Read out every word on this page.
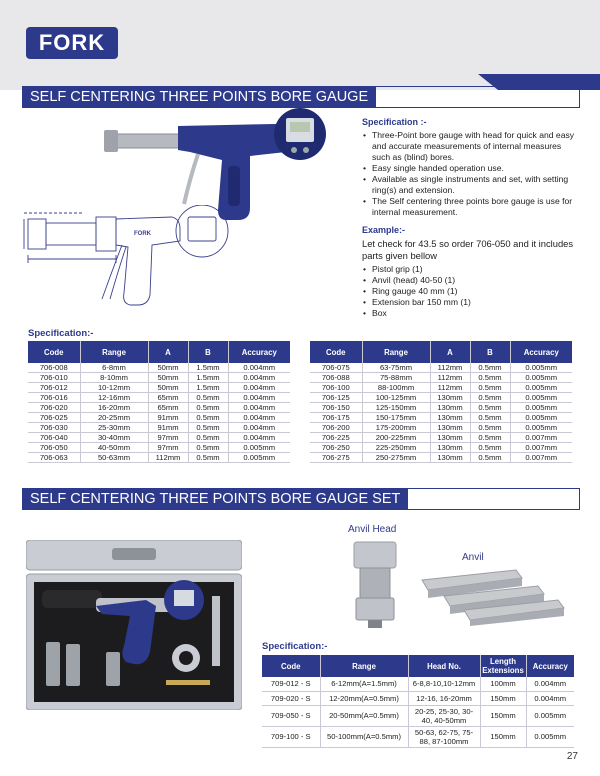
FORK
SELF CENTERING THREE POINTS BORE GAUGE
FORK
Specification :-
• Three-Point bore gauge with head for quick and easy and accurate measurements of internal measures such as (blind) bores.
• Easy single handed operation use.
• Available as single instruments and set, with setting ring(s) and extension.
• The Self centering three points bore gauge is use for internal measurement.
Example:-
Let check for 43.5 so order 706-050 and it includes parts given bellow
• Pistol grip (1)
• Anvil (head) 40-50 (1)
• Ring gauge 40 mm (1)
• Extension bar 150 mm (1)
• Box
Specification:-
Code	Range	A	B	Accuracy
706-008	6-8mm	50mm	1.5mm	0.004mm
706-010	8-10mm	50mm	1.5mm	0.004mm
706-012	10-12mm	50mm	1.5mm	0.004mm
706-016	12-16mm	65mm	0.5mm	0.004mm
706-020	16-20mm	65mm	0.5mm	0.004mm
706-025	20-25mm	91mm	0.5mm	0.004mm
706-030	25-30mm	91mm	0.5mm	0.004mm
706-040	30-40mm	97mm	0.5mm	0.004mm
706-050	40-50mm	97mm	0.5mm	0.005mm
706-063	50-63mm	112mm	0.5mm	0.005mm
Code	Range	A	B	Accuracy
706-075	63-75mm	112mm	0.5mm	0.005mm
706-088	75-88mm	112mm	0.5mm	0.005mm
706-100	88-100mm	112mm	0.5mm	0.005mm
706-125	100-125mm	130mm	0.5mm	0.005mm
706-150	125-150mm	130mm	0.5mm	0.005mm
706-175	150-175mm	130mm	0.5mm	0.005mm
706-200	175-200mm	130mm	0.5mm	0.005mm
706-225	200-225mm	130mm	0.5mm	0.007mm
706-250	225-250mm	130mm	0.5mm	0.007mm
706-275	250-275mm	130mm	0.5mm	0.007mm
SELF CENTERING THREE POINTS BORE GAUGE SET
Anvil Head
Anvil
Specification:-
Code	Range	Head No.	Length Extensions	Accuracy
709-012 - S	6-12mm(A=1.5mm)	6-8,8-10,10-12mm	100mm	0.004mm
709-020 - S	12-20mm(A=0.5mm)	12-16, 16-20mm	150mm	0.004mm
709-050 - S	20-50mm(A=0.5mm)	20-25, 25-30, 30-40, 40-50mm	150mm	0.005mm
709-100 - S	50-100mm(A=0.5mm)	50-63, 62-75, 75-88, 87-100mm	150mm	0.005mm
27
